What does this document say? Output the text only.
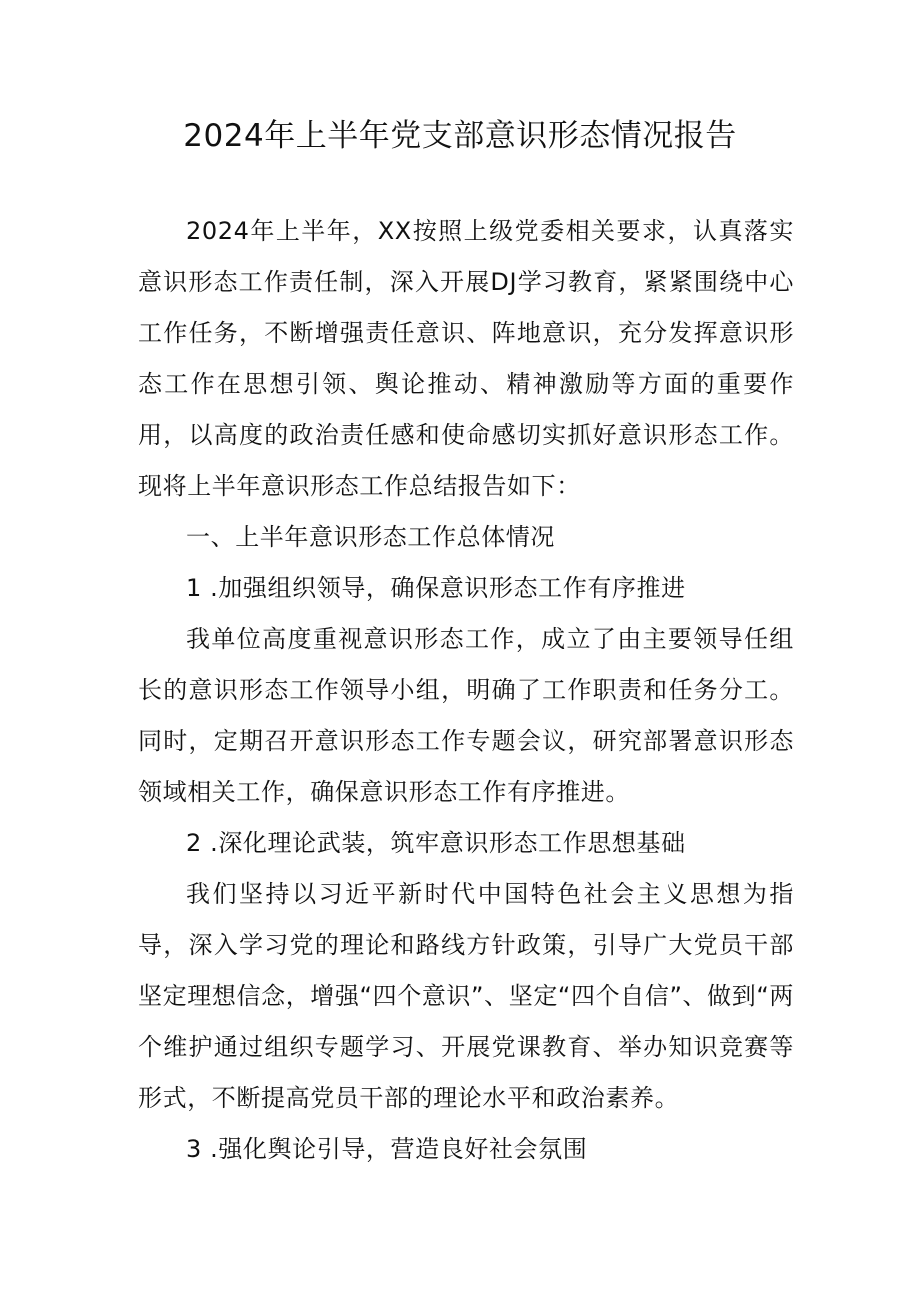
2024年上半年党支部意识形态情况报告

2024年上半年，XX按照上级党委相关要求，认真落实意识形态工作责任制，深入开展DJ学习教育，紧紧围绕中心工作任务，不断增强责任意识、阵地意识，充分发挥意识形态工作在思想引领、舆论推动、精神激励等方面的重要作用，以高度的政治责任感和使命感切实抓好意识形态工作。现将上半年意识形态工作总结报告如下：

一、上半年意识形态工作总体情况

1 .加强组织领导，确保意识形态工作有序推进

我单位高度重视意识形态工作，成立了由主要领导任组长的意识形态工作领导小组，明确了工作职责和任务分工。同时，定期召开意识形态工作专题会议，研究部署意识形态领域相关工作，确保意识形态工作有序推进。

2 .深化理论武装，筑牢意识形态工作思想基础

我们坚持以习近平新时代中国特色社会主义思想为指导，深入学习党的理论和路线方针政策，引导广大党员干部坚定理想信念，增强“四个意识”、坚定“四个自信”、做到“两个维护通过组织专题学习、开展党课教育、举办知识竞赛等形式，不断提高党员干部的理论水平和政治素养。

3 .强化舆论引导，营造良好社会氛围
